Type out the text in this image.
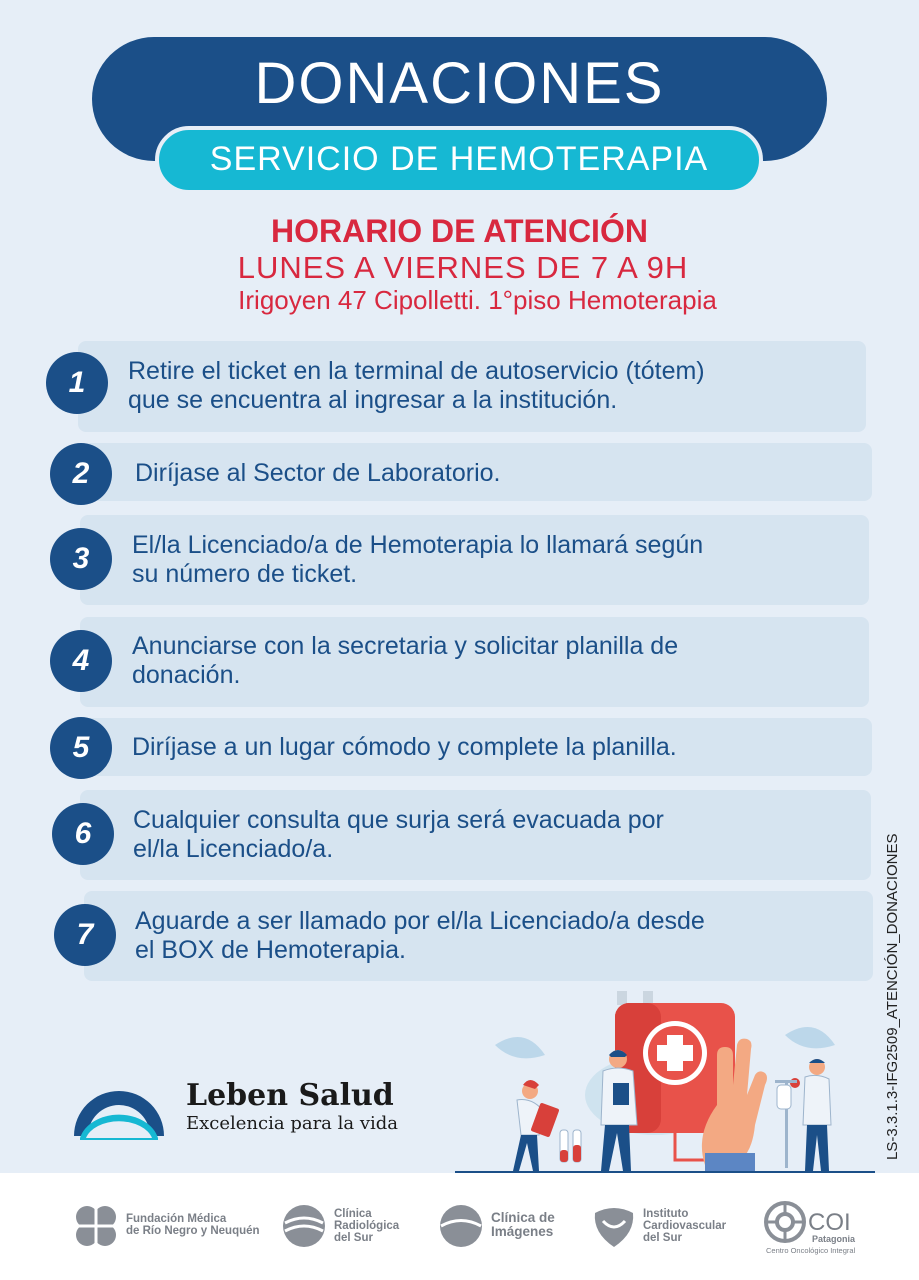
DONACIONES
SERVICIO DE HEMOTERAPIA
HORARIO DE ATENCIÓN
LUNES A VIERNES DE 7 A 9H
Irigoyen 47 Cipolletti. 1°piso Hemoterapia
1	Retire el ticket en la terminal de autoservicio (tótem)
que se encuentra al ingresar a la institución.
2	Diríjase al Sector de Laboratorio.
3	El/la Licenciado/a de Hemoterapia lo llamará según
su número de ticket.
4	Anunciarse con la secretaria y solicitar planilla de
donación.
5	Diríjase a un lugar cómodo y complete la planilla.
6	Cualquier consulta que surja será evacuada por
el/la Licenciado/a.
7	Aguarde a ser llamado por el/la Licenciado/a desde
el BOX de Hemoterapia.
Leben Salud
Excelencia para la vida	LS-3.3.1.3-IFG2509_ATENCIÓN_DONACIONES
Fundación Médica
de Río Negro y Neuquén
Clínica
Radiológica
del Sur
Clínica de
Imágenes
Instituto
Cardiovascular
del Sur
COI
Patagonia
Centro Oncológico Integral
